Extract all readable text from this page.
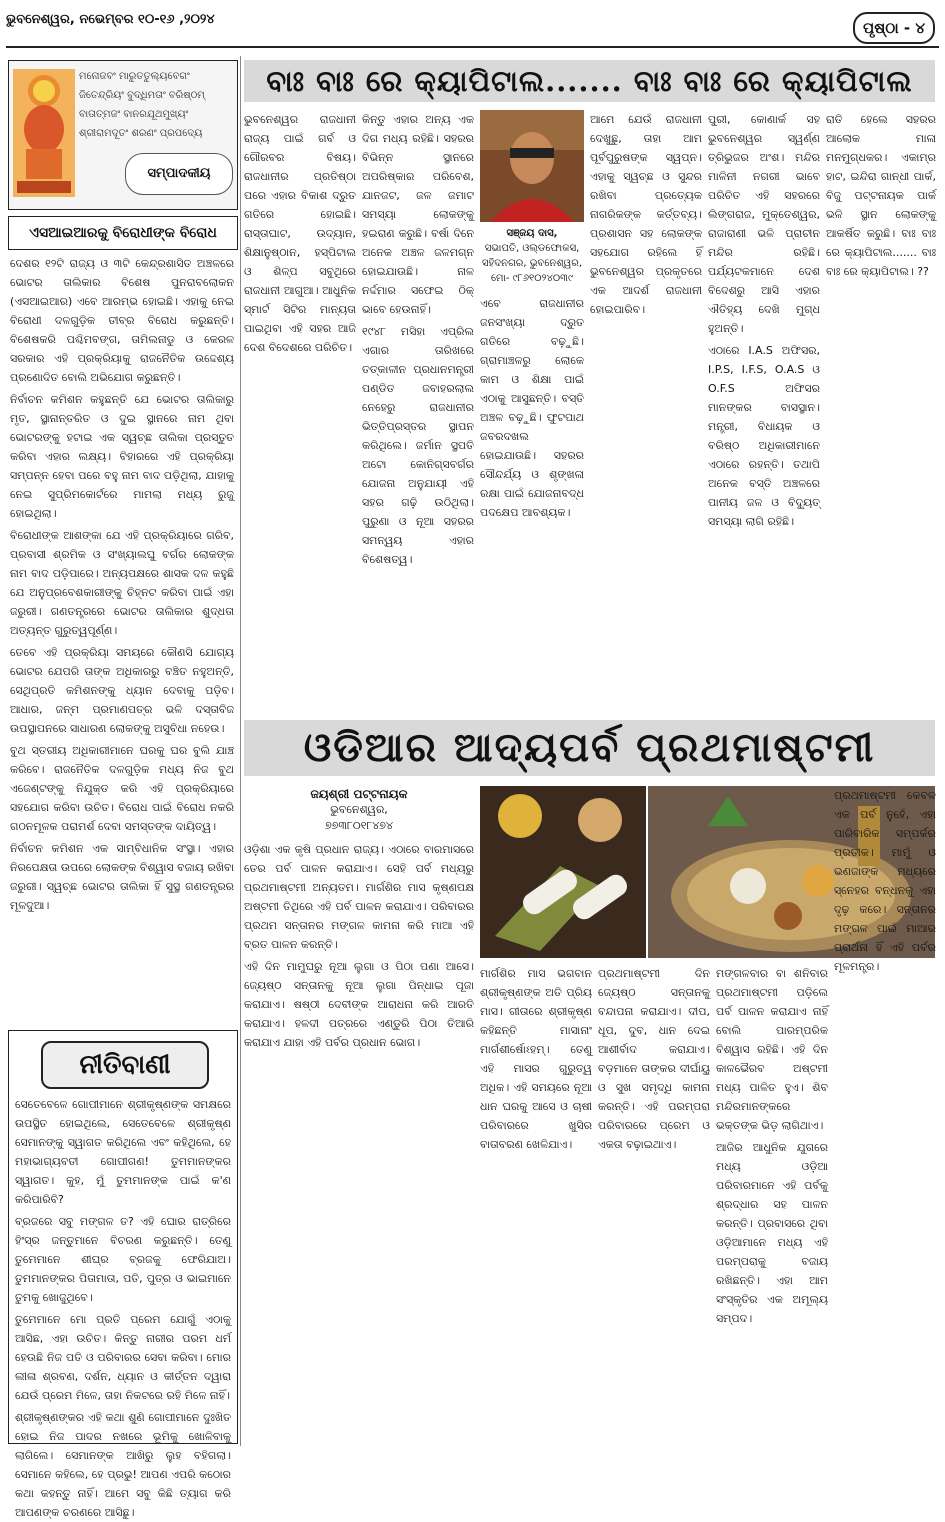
ଭୁବନେଶ୍ୱର, ନଭେମ୍ବର ୧୦-୧୬ ,୨୦୨୪	ପୃଷ୍ଠା - ୪
ମନୋଜବଂ ମାରୁତତୁଲ୍ୟବେଗଂ
ଜିତେନ୍ଦ୍ରିୟଂ ବୁଦ୍ଧିମତାଂ ବରିଷ୍ଠମ୍‌
ବାତାତ୍ମଜଂ ବାନରଯୂଥମୁଖ୍ୟଂ
ଶ୍ରୀରାମଦୂତଂ ଶରଣଂ ପ୍ରପଦ୍ୟେ
ସମ୍ପାଦକୀୟ
ଏସଆଇଆରକୁ ବିରୋଧୀଙ୍କ ବିରୋଧ

ଦେଶର ୧୨ଟି ରାଜ୍ୟ ଓ ୩ଟି କେନ୍ଦ୍ରଶାସିତ ଅଞ୍ଚଳରେ ଭୋଟର ତାଲିକାର ବିଶେଷ ପୁନରାବଲୋକନ (ଏସଆଇଆର) ଏବେ ଆରମ୍ଭ ହୋଇଛି। ଏହାକୁ ନେଇ ବିରୋଧୀ ଦଳଗୁଡ଼ିକ ତୀବ୍ର ବିରୋଧ କରୁଛନ୍ତି। ବିଶେଷକରି ପଶ୍ଚିମବଙ୍ଗ, ତାମିଲନାଡୁ ଓ କେରଳ ସରକାର ଏହି ପ୍ରକ୍ରିୟାକୁ ରାଜନୈତିକ ଉଦ୍ଦେଶ୍ୟ ପ୍ରଣୋଦିତ ବୋଲି ଅଭିଯୋଗ କରୁଛନ୍ତି।

ନିର୍ବାଚନ କମିଶନ କହୁଛନ୍ତି ଯେ ଭୋଟର ତାଲିକାରୁ ମୃତ, ସ୍ଥାନାନ୍ତରିତ ଓ ଦୁଇ ସ୍ଥାନରେ ନାମ ଥିବା ଭୋଟରଙ୍କୁ ହଟାଇ ଏକ ସ୍ୱଚ୍ଛ ତାଲିକା ପ୍ରସ୍ତୁତ କରିବା ଏହାର ଲକ୍ଷ୍ୟ। ବିହାରରେ ଏହି ପ୍ରକ୍ରିୟା ସମ୍ପନ୍ନ ହେବା ପରେ ବହୁ ନାମ ବାଦ ପଡ଼ିଥିଲା, ଯାହାକୁ ନେଇ ସୁପ୍ରିମକୋର୍ଟରେ ମାମଲା ମଧ୍ୟ ରୁଜୁ ହୋଇଥିଲା।

ବିରୋଧୀଙ୍କ ଆଶଙ୍କା ଯେ ଏହି ପ୍ରକ୍ରିୟାରେ ଗରିବ, ପ୍ରବାସୀ ଶ୍ରମିକ ଓ ସଂଖ୍ୟାଲଘୁ ବର୍ଗର ଲୋକଙ୍କ ନାମ ବାଦ ପଡ଼ିପାରେ। ଅନ୍ୟପକ୍ଷରେ ଶାସକ ଦଳ କହୁଛି ଯେ ଅନୁପ୍ରବେଶକାରୀଙ୍କୁ ଚିହ୍ନଟ କରିବା ପାଇଁ ଏହା ଜରୁରୀ। ଗଣତନ୍ତ୍ରରେ ଭୋଟର ତାଲିକାର ଶୁଦ୍ଧତା ଅତ୍ୟନ୍ତ ଗୁରୁତ୍ୱପୂର୍ଣ୍ଣ।

ତେବେ ଏହି ପ୍ରକ୍ରିୟା ସମୟରେ କୌଣସି ଯୋଗ୍ୟ ଭୋଟର ଯେପରି ତାଙ୍କ ଅଧିକାରରୁ ବଞ୍ଚିତ ନହୁଅନ୍ତି, ସେଥିପ୍ରତି କମିଶନଙ୍କୁ ଧ୍ୟାନ ଦେବାକୁ ପଡ଼ିବ। ଆଧାର, ଜନ୍ମ ପ୍ରମାଣପତ୍ର ଭଳି ଦସ୍ତାବିଜ ଉପସ୍ଥାପନରେ ସାଧାରଣ ଲୋକଙ୍କୁ ଅସୁବିଧା ନହେଉ।

ବୁଥ ସ୍ତରୀୟ ଅଧିକାରୀମାନେ ଘରକୁ ଘର ବୁଲି ଯାଞ୍ଚ କରିବେ। ରାଜନୈତିକ ଦଳଗୁଡ଼ିକ ମଧ୍ୟ ନିଜ ବୁଥ ଏଜେଣ୍ଟଙ୍କୁ ନିଯୁକ୍ତ କରି ଏହି ପ୍ରକ୍ରିୟାରେ ସହଯୋଗ କରିବା ଉଚିତ। ବିରୋଧ ପାଇଁ ବିରୋଧ ନକରି ଗଠନମୂଳକ ପରାମର୍ଶ ଦେବା ସମସ୍ତଙ୍କ ଦାୟିତ୍ୱ।

ନିର୍ବାଚନ କମିଶନ ଏକ ସାମ୍ବିଧାନିକ ସଂସ୍ଥା। ଏହାର ନିରପେକ୍ଷତା ଉପରେ ଲୋକଙ୍କ ବିଶ୍ୱାସ ବଜାୟ ରଖିବା ଜରୁରୀ। ସ୍ୱଚ୍ଛ ଭୋଟର ତାଲିକା ହିଁ ସୁସ୍ଥ ଗଣତନ୍ତ୍ରର ମୂଳଦୁଆ।

ନୀତିବାଣୀ

ସେତେବେଳେ ଗୋପୀମାନେ ଶ୍ରୀକୃଷ୍ଣଙ୍କ ସମକ୍ଷରେ ଉପସ୍ଥିତ ହୋଇଥିଲେ, ସେତେବେଳେ ଶ୍ରୀକୃଷ୍ଣ ସେମାନଙ୍କୁ ସ୍ୱାଗତ କରିଥିଲେ ଏବଂ କହିଥିଲେ, ହେ ମହାଭାଗ୍ୟବତୀ ଗୋପୀଗଣ! ତୁମମାନଙ୍କର ସ୍ୱାଗତ। କୁହ, ମୁଁ ତୁମମାନଙ୍କ ପାଇଁ କ'ଣ କରିପାରିବି?

ବ୍ରଜରେ ସବୁ ମଙ୍ଗଳ ତ? ଏହି ଘୋର ରାତ୍ରିରେ ହିଂସ୍ର ଜନ୍ତୁମାନେ ବିଚରଣ କରୁଛନ୍ତି। ତେଣୁ ତୁମେମାନେ ଶୀଘ୍ର ବ୍ରଜକୁ ଫେରିଯାଅ। ତୁମମାନଙ୍କର ପିତାମାତା, ପତି, ପୁତ୍ର ଓ ଭାଇମାନେ ତୁମକୁ ଖୋଜୁଥିବେ।

ତୁମେମାନେ ମୋ ପ୍ରତି ପ୍ରେମ ଯୋଗୁଁ ଏଠାକୁ ଆସିଛ, ଏହା ଉଚିତ। କିନ୍ତୁ ନାରୀର ପରମ ଧର୍ମ ହେଉଛି ନିଜ ପତି ଓ ପରିବାରର ସେବା କରିବା। ମୋର ଲୀଳା ଶ୍ରବଣ, ଦର୍ଶନ, ଧ୍ୟାନ ଓ କୀର୍ତ୍ତନ ଦ୍ୱାରା ଯେଉଁ ପ୍ରେମ ମିଳେ, ତାହା ନିକଟରେ ରହି ମିଳେ ନାହିଁ।

ଶ୍ରୀକୃଷ୍ଣଙ୍କର ଏହି କଥା ଶୁଣି ଗୋପୀମାନେ ଦୁଃଖିତ ହୋଇ ନିଜ ପାଦର ନଖରେ ଭୂମିକୁ ଖୋଳିବାକୁ ଲାଗିଲେ। ସେମାନଙ୍କ ଆଖିରୁ ଲୁହ ବହିଗଲା। ସେମାନେ କହିଲେ, ହେ ପ୍ରଭୁ! ଆପଣ ଏପରି କଠୋର କଥା କହନ୍ତୁ ନାହିଁ। ଆମେ ସବୁ କିଛି ତ୍ୟାଗ କରି ଆପଣଙ୍କ ଚରଣରେ ଆସିଛୁ।

ବାଃ ବାଃ ରେ କ୍ୟାପିଟାଲ....... ବାଃ ବାଃ ରେ କ୍ୟାପିଟାଲ

ଭୁବନେଶ୍ୱର ରାଜଧାନୀ ରାଜ୍ୟ ପାଇଁ ଗର୍ବ ଓ ଗୌରବର ବିଷୟ। ରାଜଧାନୀର ପ୍ରତିଷ୍ଠା ପରେ ଏହାର ବିକାଶ ଦ୍ରୁତ ଗତିରେ ହୋଇଛି। ରାସ୍ତାଘାଟ, ଉଦ୍ୟାନ, ଶିକ୍ଷାନୁଷ୍ଠାନ, ହସ୍ପିଟାଲ ଓ ଶିଳ୍ପ ସବୁଥିରେ ରାଜଧାନୀ ଆଗୁଆ। ଆଧୁନିକ ସ୍ମାର୍ଟ ସିଟିର ମାନ୍ୟତା ପାଇଥିବା ଏହି ସହର ଆଜି ଦେଶ ବିଦେଶରେ ପରିଚିତ।

କିନ୍ତୁ ଏହାର ଅନ୍ୟ ଏକ ଦିଗ ମଧ୍ୟ ରହିଛି। ସହରର ବିଭିନ୍ନ ସ୍ଥାନରେ ଅପରିଷ୍କାର ପରିବେଶ, ଯାନଜଟ, ଜଳ ଜମାଟ ସମସ୍ୟା ଲୋକଙ୍କୁ ହଇରାଣ କରୁଛି। ବର୍ଷା ଦିନେ ଅନେକ ଅଞ୍ଚଳ ଜଳମଗ୍ନ ହୋଇଯାଉଛି। ନାଳ ନର୍ଦ୍ଦମାର ସଫେଇ ଠିକ୍ ଭାବେ ହେଉନାହିଁ।

୧୯୪୮ ମସିହା ଏପ୍ରିଲ ଏଗାର ତାରିଖରେ ତତ୍କାଳୀନ ପ୍ରଧାନମନ୍ତ୍ରୀ ପଣ୍ଡିତ ଜବାହରଲାଲ ନେହେରୁ ରାଜଧାନୀର ଭିତ୍ତିପ୍ରସ୍ତର ସ୍ଥାପନ କରିଥିଲେ। ଜର୍ମାନ ସ୍ଥପତି ଅଟୋ କୋନିଗ୍ସବର୍ଗର ଯୋଜନା ଅନୁଯାୟୀ ଏହି ସହର ଗଢ଼ି ଉଠିଥିଲା। ପୁରୁଣା ଓ ନୂଆ ସହରର ସମନ୍ୱୟ ଏହାର ବିଶେଷତ୍ୱ।

ସଞ୍ଜୟ ଦାସ,
ସଭାପତି, ଓଲ୍ଡଫୋକସ,
ସହିଦନଗର, ଭୁବନେଶ୍ୱର,
ମୋ- ୯୮୬୧୦୨୪୦୩୯

ଏବେ ରାଜଧାନୀର ଜନସଂଖ୍ୟା ଦ୍ରୁତ ଗତିରେ ବଢ଼ୁଛି। ଗ୍ରାମାଞ୍ଚଳରୁ ଲୋକେ କାମ ଓ ଶିକ୍ଷା ପାଇଁ ଏଠାକୁ ଆସୁଛନ୍ତି। ବସ୍ତି ଅଞ୍ଚଳ ବଢ଼ୁଛି। ଫୁଟପାଥ ଜବରଦଖଲ ହୋଇଯାଉଛି। ସହରର ସୌନ୍ଦର୍ଯ୍ୟ ଓ ଶୃଙ୍ଖଳା ରକ୍ଷା ପାଇଁ ଯୋଜନାବଦ୍ଧ ପଦକ୍ଷେପ ଆବଶ୍ୟକ।

ଆମେ ଯେଉଁ ରାଜଧାନୀ ଦେଖୁଛୁ, ତାହା ଆମ ପୂର୍ବପୁରୁଷଙ୍କ ସ୍ୱପ୍ନ। ଏହାକୁ ସ୍ୱଚ୍ଛ ଓ ସୁନ୍ଦର ରଖିବା ପ୍ରତ୍ୟେକ ନାଗରିକଙ୍କ କର୍ତ୍ତବ୍ୟ। ପ୍ରଶାସନ ସହ ଲୋକଙ୍କ ସହଯୋଗ ରହିଲେ ହିଁ ଭୁବନେଶ୍ୱର ପ୍ରକୃତରେ ଏକ ଆଦର୍ଶ ରାଜଧାନୀ ହୋଇପାରିବ।

ପୁରୀ, କୋଣାର୍କ ସହ ଭୁବନେଶ୍ୱର ସ୍ୱର୍ଣ୍ଣ ତ୍ରିଭୁଜର ଅଂଶ। ମନ୍ଦିର ମାଳିନୀ ନଗରୀ ଭାବେ ପରିଚିତ ଏହି ସହରରେ ଲିଙ୍ଗରାଜ, ମୁକ୍ତେଶ୍ୱର, ରାଜାରାଣୀ ଭଳି ପ୍ରାଚୀନ ମନ୍ଦିର ରହିଛି। ପର୍ଯ୍ୟଟକମାନେ ଦେଶ ବିଦେଶରୁ ଆସି ଏହାର ଐତିହ୍ୟ ଦେଖି ମୁଗ୍ଧ ହୁଅନ୍ତି।

ଏଠାରେ I.A.S ଅଫିସର, I.P.S, I.F.S, O.A.S ଓ O.F.S ଅଫିସର ମାନଙ୍କର ବାସସ୍ଥାନ। ମନ୍ତ୍ରୀ, ବିଧାୟକ ଓ ବରିଷ୍ଠ ଅଧିକାରୀମାନେ ଏଠାରେ ରହନ୍ତି। ତଥାପି ଅନେକ ବସ୍ତି ଅଞ୍ଚଳରେ ପାନୀୟ ଜଳ ଓ ବିଦ୍ୟୁତ୍ ସମସ୍ୟା ଲାଗି ରହିଛି।

ରାତି ହେଲେ ସହରର ଆଲୋକ ମାଳା ମନମୁଗ୍ଧକର। ଏକାମ୍ର ହାଟ, ଇନ୍ଦିରା ଗାନ୍ଧୀ ପାର୍କ, ବିଜୁ ପଟ୍ଟନାୟକ ପାର୍କ ଭଳି ସ୍ଥାନ ଲୋକଙ୍କୁ ଆକର୍ଷିତ କରୁଛି। ବାଃ ବାଃ ରେ କ୍ୟାପିଟାଲ....... ବାଃ ବାଃ ରେ କ୍ୟାପିଟାଲ। ??

ଓଡିଆର ଆଦ୍ୟପର୍ବ ପ୍ରଥମାଷ୍ଟମୀ
ଜୟଶ୍ରୀ ପଟ୍ଟନାୟକ
ଭୁବନେଶ୍ୱର,
୭୭୩୮୦୧୮୪୭୪

ଓଡ଼ିଶା ଏକ କୃଷି ପ୍ରଧାନ ରାଜ୍ୟ। ଏଠାରେ ବାରମାସରେ ତେର ପର୍ବ ପାଳନ କରାଯାଏ। ସେହି ପର୍ବ ମଧ୍ୟରୁ ପ୍ରଥମାଷ୍ଟମୀ ଅନ୍ୟତମ। ମାର୍ଗଶିର ମାସ କୃଷ୍ଣପକ୍ଷ ଅଷ୍ଟମୀ ତିଥିରେ ଏହି ପର୍ବ ପାଳନ କରାଯାଏ। ପରିବାରର ପ୍ରଥମ ସନ୍ତାନର ମଙ୍ଗଳ କାମନା କରି ମାଆ ଏହି ବ୍ରତ ପାଳନ କରନ୍ତି।

ଏହି ଦିନ ମାମୁଘରୁ ନୂଆ ଲୁଗା ଓ ପିଠା ପଣା ଆସେ। ଜ୍ୟେଷ୍ଠ ସନ୍ତାନକୁ ନୂଆ ଲୁଗା ପିନ୍ଧାଇ ପୂଜା କରାଯାଏ। ଷଷ୍ଠୀ ଦେବୀଙ୍କ ଆରାଧନା କରି ଆରତି କରାଯାଏ। ହଳଦୀ ପତ୍ରରେ ଏଣ୍ଡୁରି ପିଠା ତିଆରି କରାଯାଏ ଯାହା ଏହି ପର୍ବର ପ୍ରଧାନ ଭୋଗ।

ମାର୍ଗଶିର ମାସ ଭଗବାନ ଶ୍ରୀକୃଷ୍ଣଙ୍କ ଅତି ପ୍ରିୟ ମାସ। ଗୀତାରେ ଶ୍ରୀକୃଷ୍ଣ କହିଛନ୍ତି ମାସାନାଂ ମାର୍ଗଶୀର୍ଷୋଽହମ୍। ତେଣୁ ଏହି ମାସର ଗୁରୁତ୍ୱ ଅଧିକ। ଏହି ସମୟରେ ନୂଆ ଧାନ ଘରକୁ ଆସେ ଓ ଚାଷୀ ପରିବାରରେ ଖୁସିର ବାତାବରଣ ଖେଳିଯାଏ।

ପ୍ରଥମାଷ୍ଟମୀ ଦିନ ଜ୍ୟେଷ୍ଠ ସନ୍ତାନକୁ ବନ୍ଦାପନା କରାଯାଏ। ଦୀପ, ଧୂପ, ଦୁବ, ଧାନ ଦେଇ ଆଶୀର୍ବାଦ କରାଯାଏ। ବଡ଼ମାନେ ତାଙ୍କର ଦୀର୍ଘାୟୁ ଓ ସୁଖ ସମୃଦ୍ଧି କାମନା କରନ୍ତି। ଏହି ପରମ୍ପରା ପରିବାରରେ ପ୍ରେମ ଓ ଏକତା ବଢ଼ାଇଥାଏ।

ମଙ୍ଗଳବାର ବା ଶନିବାର ପ୍ରଥମାଷ୍ଟମୀ ପଡ଼ିଲେ ପର୍ବ ପାଳନ କରାଯାଏ ନାହିଁ ବୋଲି ପାରମ୍ପରିକ ବିଶ୍ୱାସ ରହିଛି। ଏହି ଦିନ କାଳଭୈରବ ଅଷ୍ଟମୀ ମଧ୍ୟ ପାଳିତ ହୁଏ। ଶିବ ମନ୍ଦିରମାନଙ୍କରେ ଭକ୍ତଙ୍କ ଭିଡ଼ ଲାଗିଥାଏ।

ଆଜିର ଆଧୁନିକ ଯୁଗରେ ମଧ୍ୟ ଓଡ଼ିଆ ପରିବାରମାନେ ଏହି ପର୍ବକୁ ଶ୍ରଦ୍ଧାର ସହ ପାଳନ କରନ୍ତି। ପ୍ରବାସରେ ଥିବା ଓଡ଼ିଆମାନେ ମଧ୍ୟ ଏହି ପରମ୍ପରାକୁ ବଜାୟ ରଖିଛନ୍ତି। ଏହା ଆମ ସଂସ୍କୃତିର ଏକ ଅମୂଲ୍ୟ ସମ୍ପଦ।

ପ୍ରଥମାଷ୍ଟମୀ କେବଳ ଏକ ପର୍ବ ନୁହେଁ, ଏହା ପାରିବାରିକ ସମ୍ପର୍କର ପ୍ରତୀକ। ମାମୁଁ ଓ ଭଣଜାଙ୍କ ମଧ୍ୟରେ ସ୍ନେହର ବନ୍ଧନକୁ ଏହା ଦୃଢ଼ କରେ। ସନ୍ତାନର ମଙ୍ଗଳ ପାଇଁ ମାଆର ପ୍ରାର୍ଥନା ହିଁ ଏହି ପର୍ବର ମୂଳମନ୍ତ୍ର।
